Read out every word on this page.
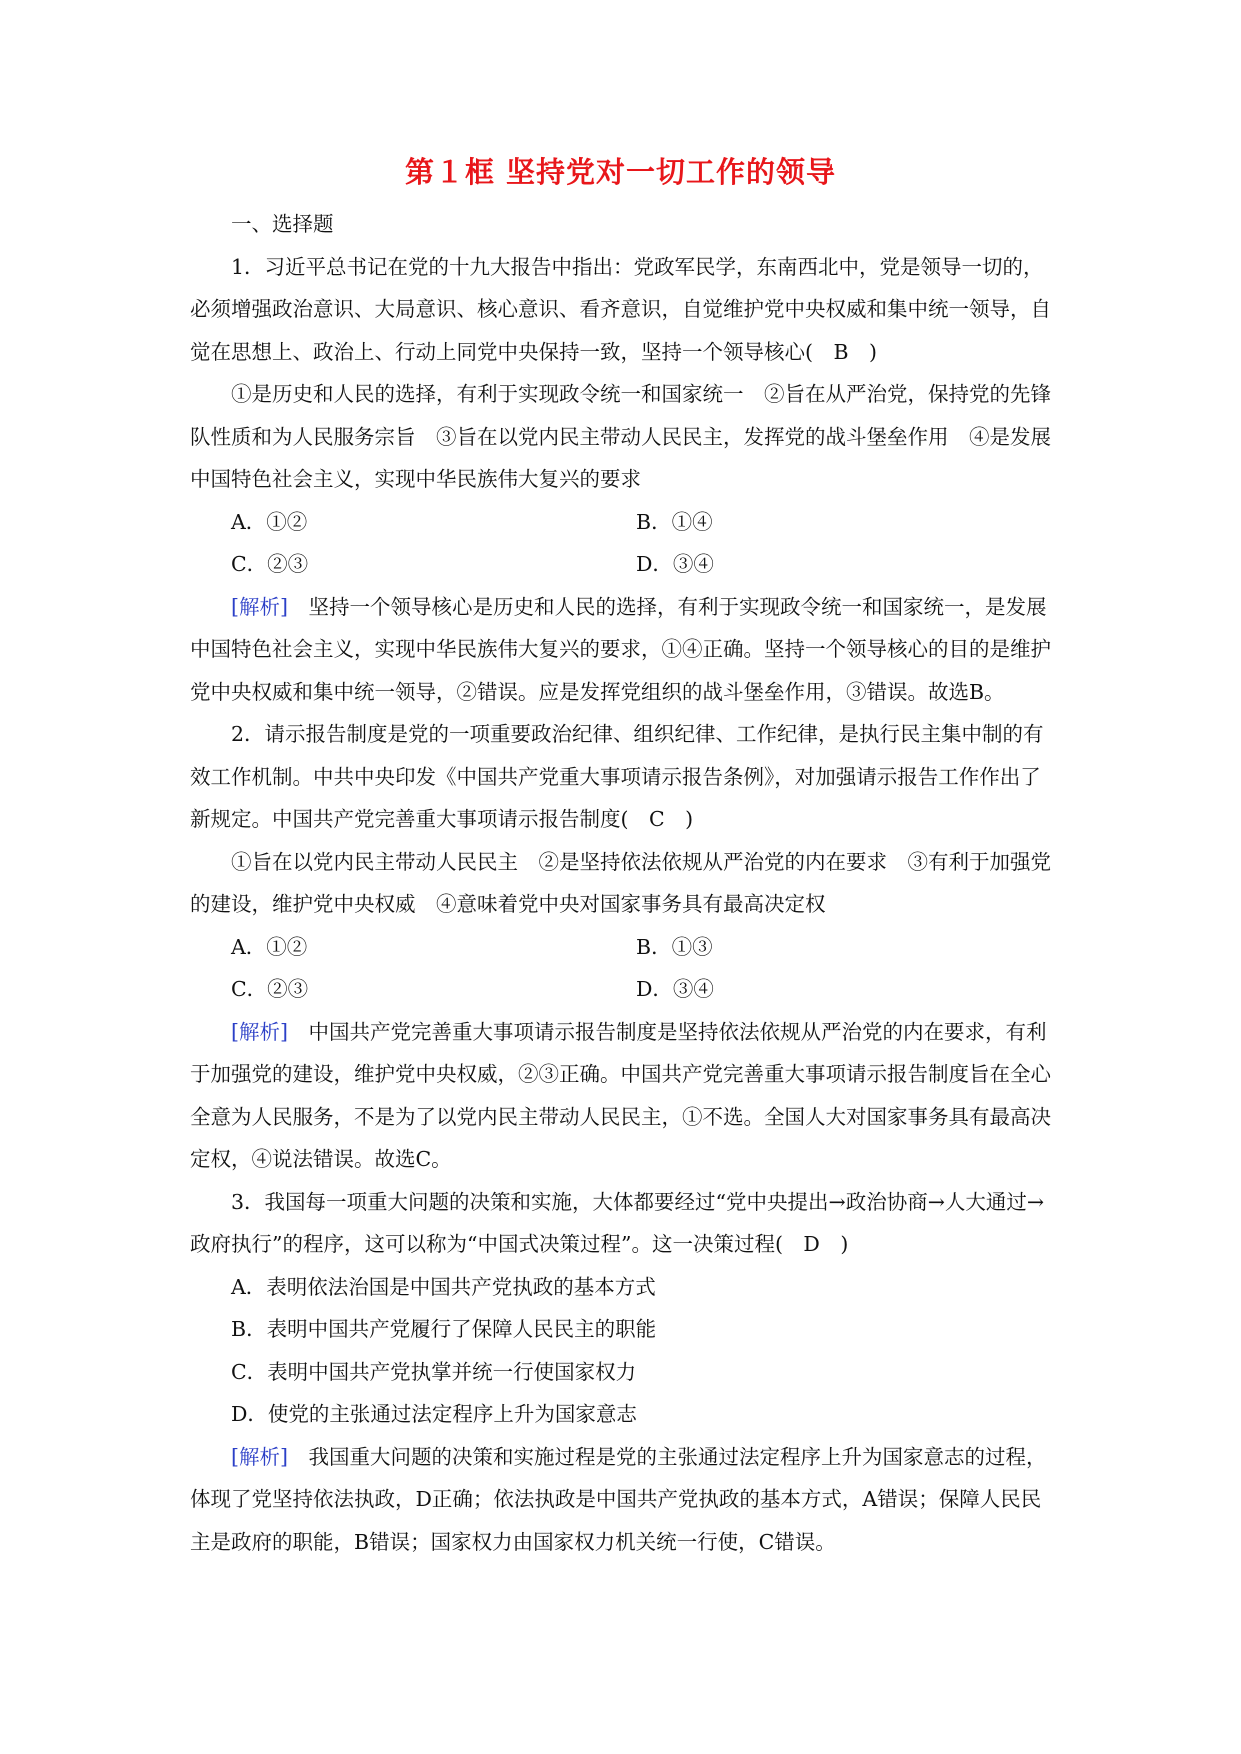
第１框 坚持党对一切工作的领导

一、选择题

1．习近平总书记在党的十九大报告中指出：党政军民学，东南西北中，党是领导一切的，必须增强政治意识、大局意识、核心意识、看齐意识，自觉维护党中央权威和集中统一领导，自觉在思想上、政治上、行动上同党中央保持一致，坚持一个领导核心(　B　)

①是历史和人民的选择，有利于实现政令统一和国家统一　②旨在从严治党，保持党的先锋队性质和为人民服务宗旨　③旨在以党内民主带动人民民主，发挥党的战斗堡垒作用　④是发展中国特色社会主义，实现中华民族伟大复兴的要求

A．①②	B．①④
C．②③	D．③④

[解析]　坚持一个领导核心是历史和人民的选择，有利于实现政令统一和国家统一，是发展中国特色社会主义，实现中华民族伟大复兴的要求，①④正确。坚持一个领导核心的目的是维护党中央权威和集中统一领导，②错误。应是发挥党组织的战斗堡垒作用，③错误。故选B。

2．请示报告制度是党的一项重要政治纪律、组织纪律、工作纪律，是执行民主集中制的有效工作机制。中共中央印发《中国共产党重大事项请示报告条例》，对加强请示报告工作作出了新规定。中国共产党完善重大事项请示报告制度(　C　)

①旨在以党内民主带动人民民主　②是坚持依法依规从严治党的内在要求　③有利于加强党的建设，维护党中央权威　④意味着党中央对国家事务具有最高决定权

A．①②	B．①③
C．②③	D．③④

[解析]　中国共产党完善重大事项请示报告制度是坚持依法依规从严治党的内在要求，有利于加强党的建设，维护党中央权威，②③正确。中国共产党完善重大事项请示报告制度旨在全心全意为人民服务，不是为了以党内民主带动人民民主，①不选。全国人大对国家事务具有最高决定权，④说法错误。故选C。

3．我国每一项重大问题的决策和实施，大体都要经过“党中央提出→政治协商→人大通过→政府执行”的程序，这可以称为“中国式决策过程”。这一决策过程(　D　)

A．表明依法治国是中国共产党执政的基本方式

B．表明中国共产党履行了保障人民民主的职能

C．表明中国共产党执掌并统一行使国家权力

D．使党的主张通过法定程序上升为国家意志

[解析]　我国重大问题的决策和实施过程是党的主张通过法定程序上升为国家意志的过程，体现了党坚持依法执政，D正确；依法执政是中国共产党执政的基本方式，A错误；保障人民民主是政府的职能，B错误；国家权力由国家权力机关统一行使，C错误。
